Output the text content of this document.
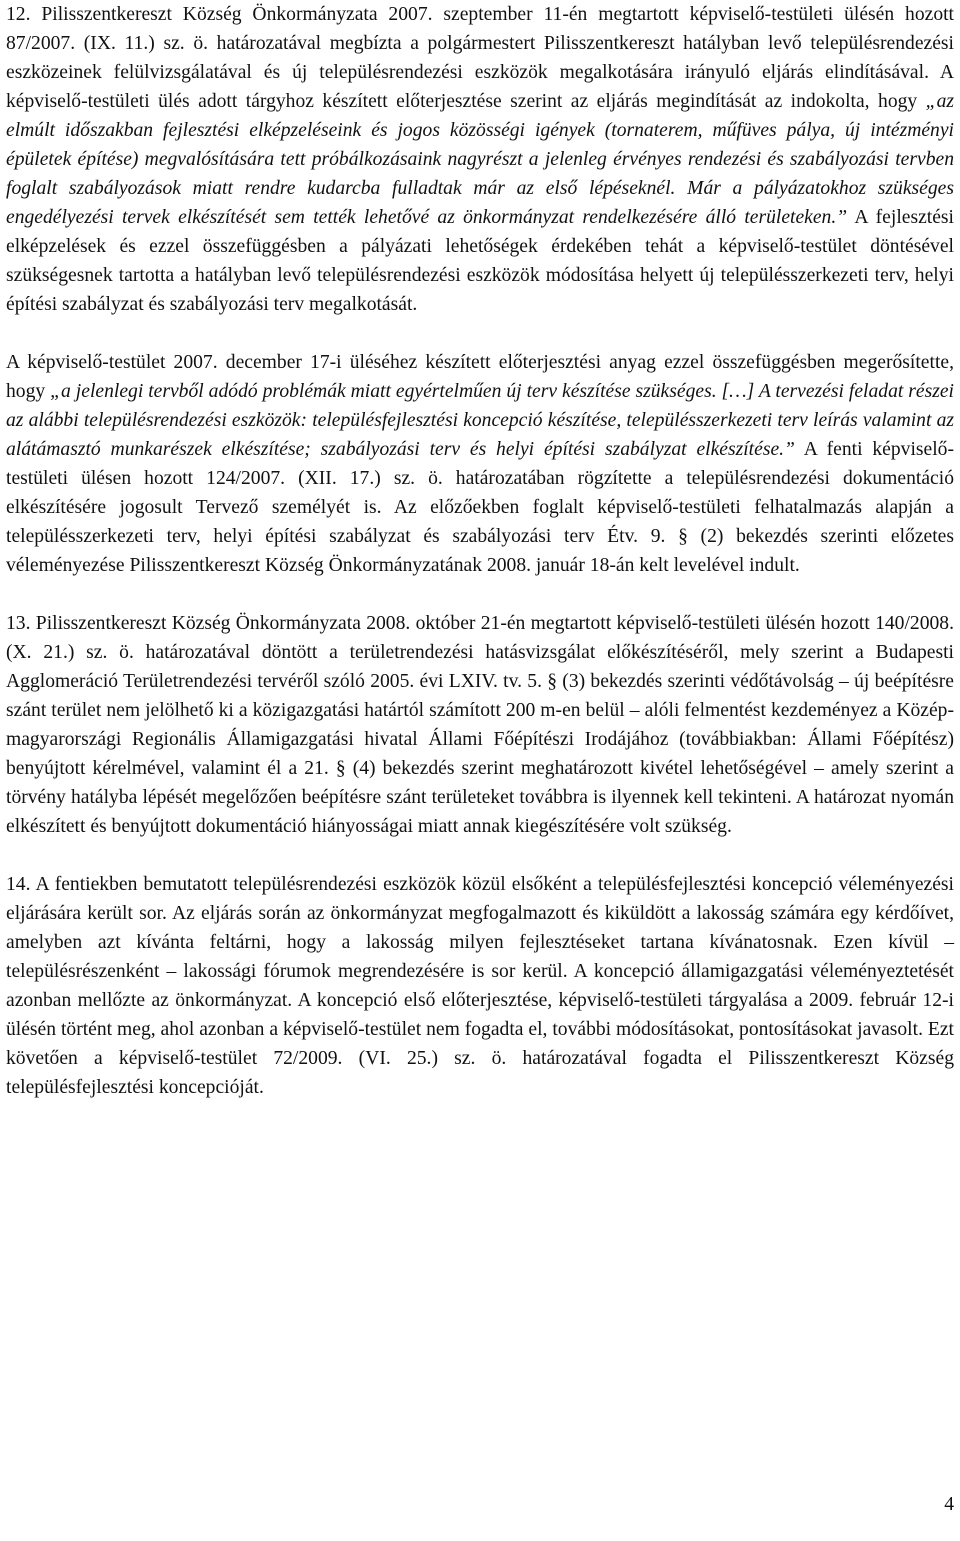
12. Pilisszentkereszt Község Önkormányzata 2007. szeptember 11-én megtartott képviselő-testületi ülésén hozott 87/2007. (IX. 11.) sz. ö. határozatával megbízta a polgármestert Pilisszentkereszt hatályban levő településrendezési eszközeinek felülvizsgálatával és új településrendezési eszközök megalkotására irányuló eljárás elindításával. A képviselő-testületi ülés adott tárgyhoz készített előterjesztése szerint az eljárás megindítását az indokolta, hogy „az elmúlt időszakban fejlesztési elképzeléseink és jogos közösségi igények (tornaterem, műfüves pálya, új intézményi épületek építése) megvalósítására tett próbálkozásaink nagyrészt a jelenleg érvényes rendezési és szabályozási tervben foglalt szabályozások miatt rendre kudarcba fulladtak már az első lépéseknél. Már a pályázatokhoz szükséges engedélyezési tervek elkészítését sem tették lehetővé az önkormányzat rendelkezésére álló területeken.” A fejlesztési elképzelések és ezzel összefüggésben a pályázati lehetőségek érdekében tehát a képviselő-testület döntésével szükségesnek tartotta a hatályban levő településrendezési eszközök módosítása helyett új településszerkezeti terv, helyi építési szabályzat és szabályozási terv megalkotását.

A képviselő-testület 2007. december 17-i üléséhez készített előterjesztési anyag ezzel összefüggésben megerősítette, hogy „a jelenlegi tervből adódó problémák miatt egyértelműen új terv készítése szükséges. […] A tervezési feladat részei az alábbi településrendezési eszközök: településfejlesztési koncepció készítése, településszerkezeti terv leírás valamint az alátámasztó munkarészek elkészítése; szabályozási terv és helyi építési szabályzat elkészítése.” A fenti képviselő-testületi ülésen hozott 124/2007. (XII. 17.) sz. ö. határozatában rögzítette a településrendezési dokumentáció elkészítésére jogosult Tervező személyét is. Az előzőekben foglalt képviselő-testületi felhatalmazás alapján a településszerkezeti terv, helyi építési szabályzat és szabályozási terv Étv. 9. § (2) bekezdés szerinti előzetes véleményezése Pilisszentkereszt Község Önkormányzatának 2008. január 18-án kelt levelével indult.

13. Pilisszentkereszt Község Önkormányzata 2008. október 21-én megtartott képviselő-testületi ülésén hozott 140/2008. (X. 21.) sz. ö. határozatával döntött a területrendezési hatásvizsgálat előkészítéséről, mely szerint a Budapesti Agglomeráció Területrendezési tervéről szóló 2005. évi LXIV. tv. 5. § (3) bekezdés szerinti védőtávolság – új beépítésre szánt terület nem jelölhető ki a közigazgatási határtól számított 200 m-en belül – alóli felmentést kezdeményez a Közép-magyarországi Regionális Államigazgatási hivatal Állami Főépítészi Irodájához (továbbiakban: Állami Főépítész) benyújtott kérelmével, valamint él a 21. § (4) bekezdés szerint meghatározott kivétel lehetőségével – amely szerint a törvény hatályba lépését megelőzően beépítésre szánt területeket továbbra is ilyennek kell tekinteni. A határozat nyomán elkészített és benyújtott dokumentáció hiányosságai miatt annak kiegészítésére volt szükség.

14. A fentiekben bemutatott településrendezési eszközök közül elsőként a településfejlesztési koncepció véleményezési eljárására került sor. Az eljárás során az önkormányzat megfogalmazott és kiküldött a lakosság számára egy kérdőívet, amelyben azt kívánta feltárni, hogy a lakosság milyen fejlesztéseket tartana kívánatosnak. Ezen kívül – településrészenként – lakossági fórumok megrendezésére is sor kerül. A koncepció államigazgatási véleményeztetését azonban mellőzte az önkormányzat. A koncepció első előterjesztése, képviselő-testületi tárgyalása a 2009. február 12-i ülésén történt meg, ahol azonban a képviselő-testület nem fogadta el, további módosításokat, pontosításokat javasolt. Ezt követően a képviselő-testület 72/2009. (VI. 25.) sz. ö. határozatával fogadta el Pilisszentkereszt Község településfejlesztési koncepcióját.

4
